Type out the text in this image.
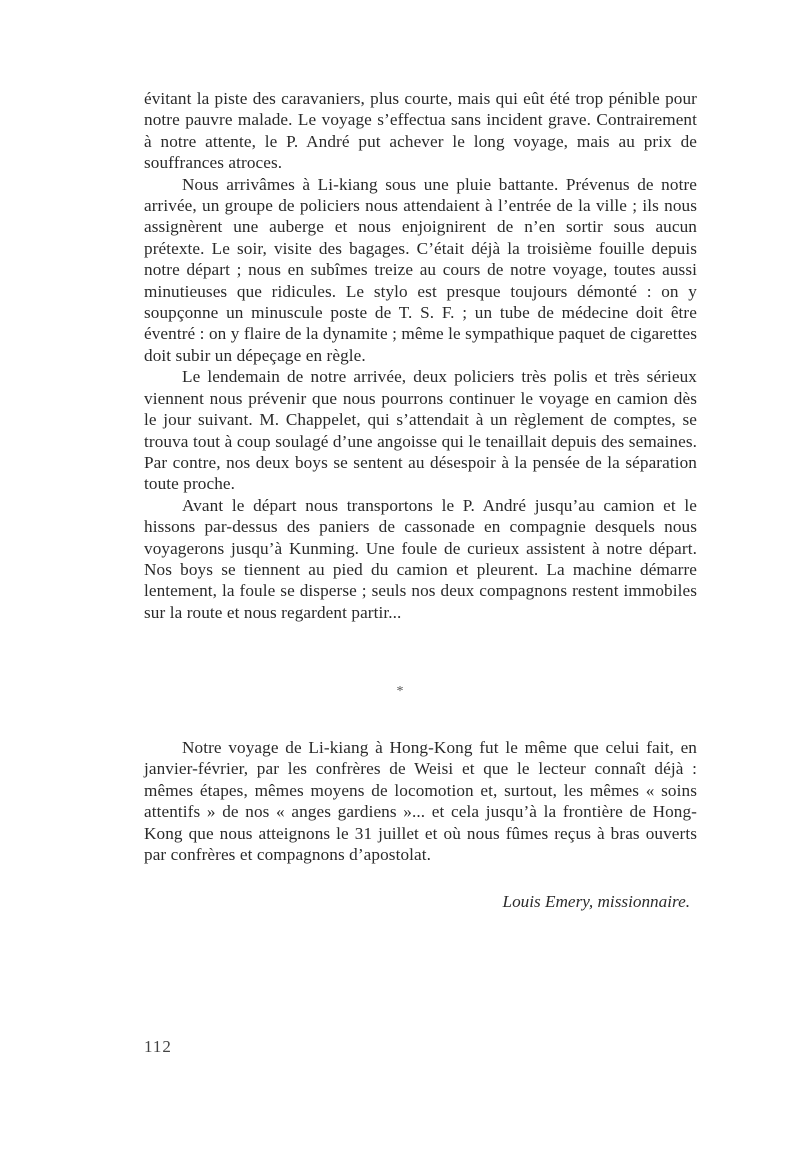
évitant la piste des caravaniers, plus courte, mais qui eût été trop pénible pour notre pauvre malade. Le voyage s’effectua sans incident grave. Contrairement à notre attente, le P. André put achever le long voyage, mais au prix de souffrances atroces.

Nous arrivâmes à Li-kiang sous une pluie battante. Prévenus de notre arrivée, un groupe de policiers nous attendaient à l’entrée de la ville ; ils nous assignèrent une auberge et nous enjoignirent de n’en sortir sous aucun prétexte. Le soir, visite des bagages. C’était déjà la troisième fouille depuis notre départ ; nous en subîmes treize au cours de notre voyage, toutes aussi minutieuses que ridicules. Le stylo est presque toujours démonté : on y soupçonne un minuscule poste de T. S. F. ; un tube de médecine doit être éventré : on y flaire de la dynamite ; même le sympathique paquet de cigarettes doit subir un dépeçage en règle.

Le lendemain de notre arrivée, deux policiers très polis et très sérieux viennent nous prévenir que nous pourrons continuer le voyage en camion dès le jour suivant. M. Chappelet, qui s’attendait à un règlement de comptes, se trouva tout à coup soulagé d’une angoisse qui le tenaillait depuis des semaines. Par contre, nos deux boys se sentent au désespoir à la pensée de la séparation toute proche.

Avant le départ nous transportons le P. André jusqu’au camion et le hissons par-dessus des paniers de cassonade en compagnie desquels nous voyagerons jusqu’à Kunming. Une foule de curieux assistent à notre départ. Nos boys se tiennent au pied du camion et pleurent. La machine démarre lentement, la foule se disperse ; seuls nos deux compagnons restent immobiles sur la route et nous regardent partir...

*

Notre voyage de Li-kiang à Hong-Kong fut le même que celui fait, en janvier-février, par les confrères de Weisi et que le lecteur connaît déjà : mêmes étapes, mêmes moyens de locomotion et, surtout, les mêmes « soins attentifs » de nos « anges gardiens »... et cela jusqu’à la frontière de Hong-Kong que nous atteignons le 31 juillet et où nous fûmes reçus à bras ouverts par confrères et compagnons d’apostolat.

Louis Emery, missionnaire.
112
